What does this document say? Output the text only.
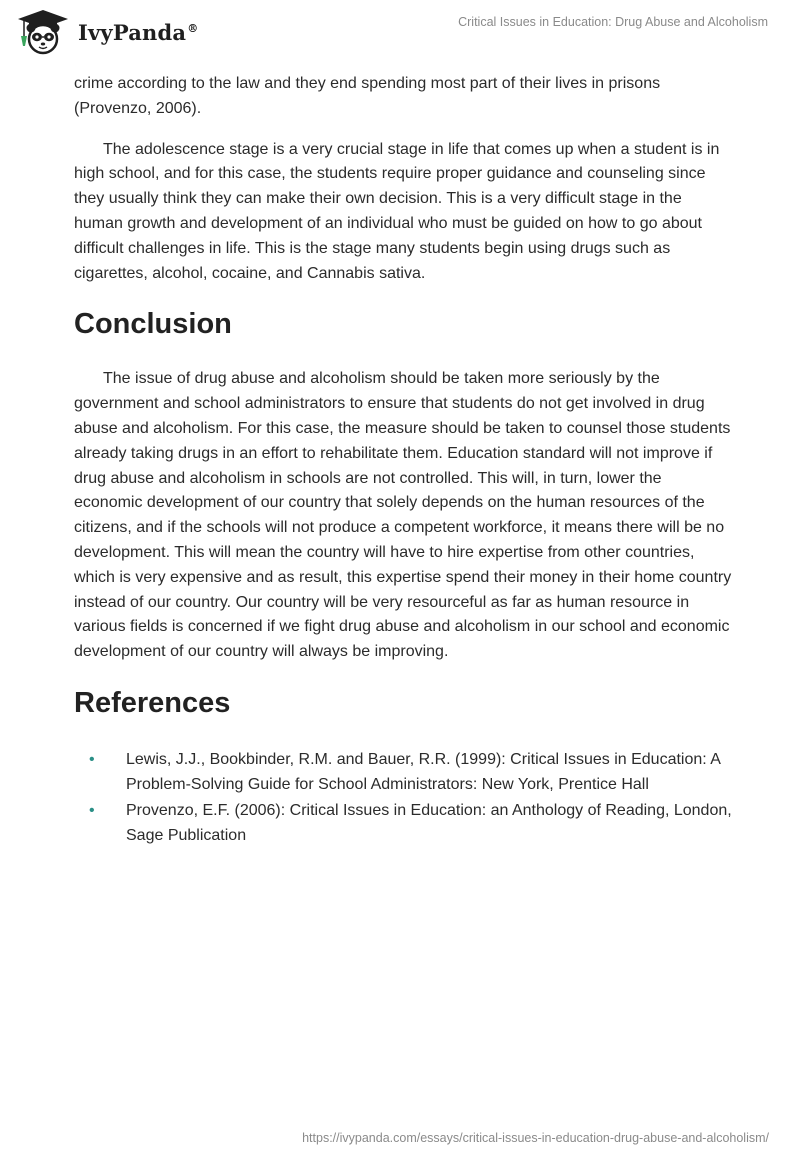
IvyPanda®	Critical Issues in Education: Drug Abuse and Alcoholism

crime according to the law and they end spending most part of their lives in prisons (Provenzo, 2006).

The adolescence stage is a very crucial stage in life that comes up when a student is in high school, and for this case, the students require proper guidance and counseling since they usually think they can make their own decision. This is a very difficult stage in the human growth and development of an individual who must be guided on how to go about difficult challenges in life. This is the stage many students begin using drugs such as cigarettes, alcohol, cocaine, and Cannabis sativa.

Conclusion

The issue of drug abuse and alcoholism should be taken more seriously by the government and school administrators to ensure that students do not get involved in drug abuse and alcoholism. For this case, the measure should be taken to counsel those students already taking drugs in an effort to rehabilitate them. Education standard will not improve if drug abuse and alcoholism in schools are not controlled. This will, in turn, lower the economic development of our country that solely depends on the human resources of the citizens, and if the schools will not produce a competent workforce, it means there will be no development. This will mean the country will have to hire expertise from other countries, which is very expensive and as result, this expertise spend their money in their home country instead of our country. Our country will be very resourceful as far as human resource in various fields is concerned if we fight drug abuse and alcoholism in our school and economic development of our country will always be improving.

References
• Lewis, J.J., Bookbinder, R.M. and Bauer, R.R. (1999): Critical Issues in Education: A Problem-Solving Guide for School Administrators: New York, Prentice Hall
• Provenzo, E.F. (2006): Critical Issues in Education: an Anthology of Reading, London, Sage Publication
https://ivypanda.com/essays/critical-issues-in-education-drug-abuse-and-alcoholism/
